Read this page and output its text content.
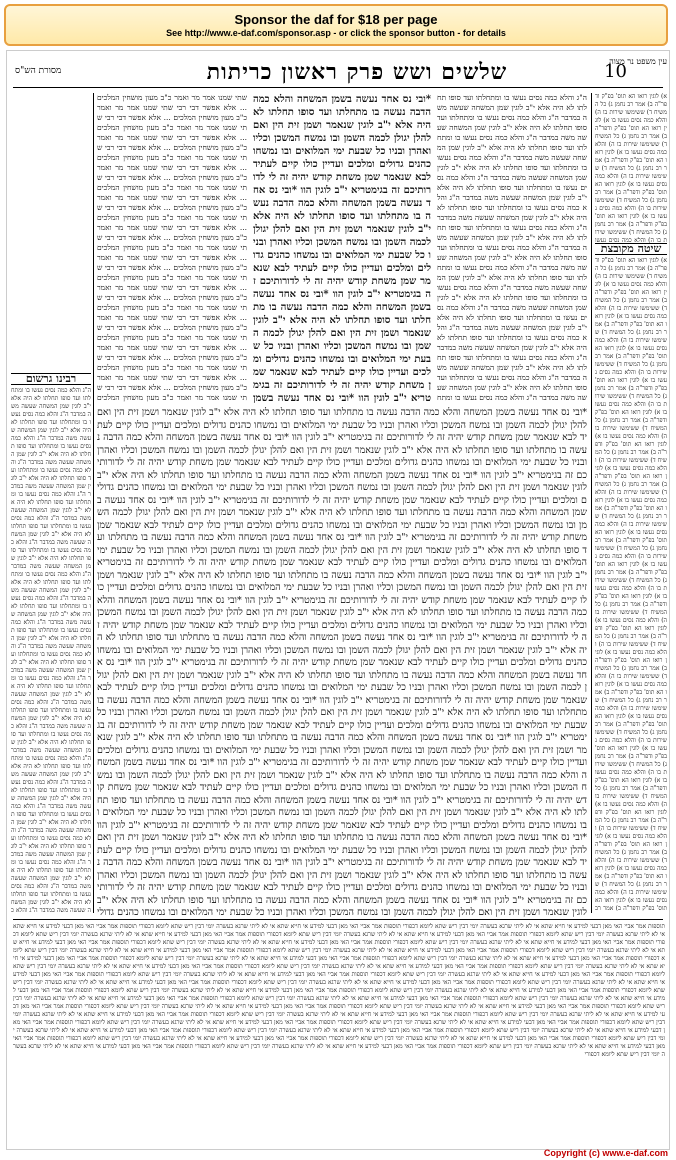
Sponsor the daf for $18 per page
See http://www.e-daf.com/sponsor.asp - or click the sponsor button - for details
מסורת הש"ס	שלשים ושש פרק ראשון כריתות	10
עין משפט נר מצוה
רבינו גרשום
ה"ג והלא כמה נסים נעשו בו ומתחלתו ועד סופו תחלתו לא היה אלא י"ב לוגין שמן המשחה שעשה משה במדבר ה"ג והלא כמה נסים נעשו בו ומתחלתו ועד סופו תחלתו לא היה אלא י"ב לוגין שמן המשחה שעשה משה במדבר ה"ג והלא כמה נסים נעשו בו ומתחלתו ועד סופו תחלתו לא היה אלא י"ב לוגין שמן המשחה שעשה משה במדבר ה"ג והלא כמה נסים נעשו בו ומתחלתו ועד סופו תחלתו לא היה אלא י"ב לוגין שמן המשחה שעשה משה במדבר ה"ג והלא כמה נסים נעשו בו ומתחלתו ועד סופו תחלתו לא היה אלא י"ב לוגין שמן המשחה שעשה משה במדבר ה"ג והלא כמה נסים נעשו בו ומתחלתו ועד סופו תחלתו לא היה אלא י"ב לוגין שמן המשחה שעשה משה במדבר ה"ג והלא כמה נסים נעשו בו ומתחלתו ועד סופו תחלתו לא היה אלא י"ב לוגין שמן המשחה שעשה משה במדבר ה"ג והלא כמה נסים נעשו בו ומתחלתו ועד סופו תחלתו לא היה אלא י"ב לוגין שמן המשחה שעשה משה במדבר ה"ג והלא כמה נסים נעשו בו ומתחלתו ועד סופו תחלתו לא היה אלא י"ב לוגין שמן המשחה שעשה משה במדבר ה"ג והלא כמה נסים נעשו בו ומתחלתו ועד סופו תחלתו לא היה אלא י"ב לוגין שמן המשחה שעשה משה במדבר ה"ג והלא כמה נסים נעשו בו ומתחלתו ועד סופו תחלתו לא היה אלא י"ב לוגין שמן המשחה שעשה משה במדבר ה"ג והלא כמה נסים נעשו בו ומתחלתו ועד סופו תחלתו לא היה אלא י"ב לוגין שמן המשחה שעשה משה במדבר ה"ג והלא כמה נסים נעשו בו ומתחלתו ועד סופו תחלתו לא היה אלא י"ב לוגין שמן המשחה שעשה משה במדבר ה"ג והלא כמה נסים נעשו בו ומתחלתו ועד סופו תחלתו לא היה אלא י"ב לוגין שמן המשחה שעשה משה במדבר ה"ג והלא כמה נסים נעשו בו ומתחלתו ועד סופו תחלתו לא היה אלא י"ב לוגין שמן המשחה שעשה משה במדבר ה"ג והלא כמה נסים נעשו בו ומתחלתו ועד סופו תחלתו לא היה אלא י"ב לוגין שמן המשחה שעשה משה במדבר ה"ג והלא כמה נסים נעשו בו ומתחלתו ועד סופו תחלתו לא היה אלא י"ב לוגין שמן המשחה שעשה משה במדבר ה"ג והלא כמה נסים נעשו בו ומתחלתו ועד סופו תחלתו לא היה אלא י"ב לוגין שמן המשחה שעשה משה במדבר ה"ג והלא כמה נסים נעשו בו ומתחלתו ועד סופו תחלתו לא היה אלא י"ב לוגין שמן המשחה שעשה משה במדבר ה"ג והלא כמה נסים נעשו בו ומתחלתו ועד סופו תחלתו לא היה אלא י"ב לוגין שמן המשחה שעשה משה במדבר ה"ג והלא כ
שתי שמנו אמר מר ואמר כ"ב מעון מושחין המלכים ... אלא אפשר דבי רבי שתי שמנו אמר מר ואמר כ"ב מעון מושחין המלכים ... אלא אפשר דבי רבי שתי שמנו אמר מר ואמר כ"ב מעון מושחין המלכים ... אלא אפשר דבי רבי שתי שמנו אמר מר ואמר כ"ב מעון מושחין המלכים ... אלא אפשר דבי רבי שתי שמנו אמר מר ואמר כ"ב מעון מושחין המלכים ... אלא אפשר דבי רבי שתי שמנו אמר מר ואמר כ"ב מעון מושחין המלכים ... אלא אפשר דבי רבי שתי שמנו אמר מר ואמר כ"ב מעון מושחין המלכים ... אלא אפשר דבי רבי שתי שמנו אמר מר ואמר כ"ב מעון מושחין המלכים ... אלא אפשר דבי רבי שתי שמנו אמר מר ואמר כ"ב מעון מושחין המלכים ... אלא אפשר דבי רבי שתי שמנו אמר מר ואמר כ"ב מעון מושחין המלכים ... אלא אפשר דבי רבי שתי שמנו אמר מר ואמר כ"ב מעון מושחין המלכים ... אלא אפשר דבי רבי שתי שמנו אמר מר ואמר כ"ב מעון מושחין המלכים ... אלא אפשר דבי רבי שתי שמנו אמר מר ואמר כ"ב מעון מושחין המלכים ... אלא אפשר דבי רבי שתי שמנו אמר מר ואמר כ"ב מעון מושחין המלכים ... אלא אפשר דבי רבי שתי שמנו אמר מר ואמר כ"ב מעון מושחין המלכים ... אלא אפשר דבי רבי שתי שמנו אמר מר ואמר כ"ב מעון מושחין המלכים ... אלא אפשר דבי רבי שתי שמנו אמר מר ואמר כ"ב מעון מושחין המלכים ... אלא אפשר דבי רבי שתי שמנו אמר מר ואמר כ"ב מעון מושחין המלכים ... אלא אפשר דבי רבי שתי שמנו אמר מר ואמר כ"ב מעון מושחין המלכים ... אלא אפשר דבי רבי שתי שמנו אמר מר ואמר כ"ב מעון מושחין המלכים ... אלא אפשר דבי רבי שתי שמנו אמר מר ואמר כ"ב מעון מושחין המלכים
*ובי נס אחד נעשה בשמן המשחה והלא כמה הדבה נעשה בו מתחלתו ועד סופו תחלתו לא היה אלא י"ב לוגין שנאמר ושמן זית הין ואם להלן יגולן לכמה השמן ובו נמשח המשכן וכליו ואהרן ובניו כל שבעת ימי המלואים ובו נמשחו כהנים גדולים ומלכים ועדיין כולו קיים לעתיד לבא שנאמר שמן משחת קודש יהיה זה לי לדורותיכם זה בגימטריא י"ב לוגין הוו *ובי נס אחד נעשה בשמן המשחה והלא כמה הדבה נעשה בו מתחלתו ועד סופו תחלתו לא היה אלא י"ב לוגין שנאמר ושמן זית הין ואם להלן יגולן לכמה השמן ובו נמשח המשכן וכליו ואהרן ובניו כל שבעת ימי המלואים ובו נמשחו כהנים גדולים ומלכים ועדיין כולו קיים לעתיד לבא שנאמר שמן משחת קודש יהיה זה לי לדורותיכם זה בגימטריא י"ב לוגין הוו *ובי נס אחד נעשה בשמן המשחה והלא כמה הדבה נעשה בו מתחלתו ועד סופו תחלתו לא היה אלא י"ב לוגין שנאמר ושמן זית הין ואם להלן יגולן לכמה השמן ובו נמשח המשכן וכליו ואהרן ובניו כל שבעת ימי המלואים ובו נמשחו כהנים גדולים ומלכים ועדיין כולו קיים לעתיד לבא שנאמר שמן משחת קודש יהיה זה לי לדורותיכם זה בגימטריא י"ב לוגין הוו *ובי נס אחד נעשה בשמן
ה"ג והלא כמה נסים נעשו בו ומתחלתו ועד סופו תחלתו לא היה אלא י"ב לוגין שמן המשחה שעשה משה במדבר ה"ג והלא כמה נסים נעשו בו ומתחלתו ועד סופו תחלתו לא היה אלא י"ב לוגין שמן המשחה שעשה משה במדבר ה"ג והלא כמה נסים נעשו בו ומתחלתו ועד סופו תחלתו לא היה אלא י"ב לוגין שמן המשחה שעשה משה במדבר ה"ג והלא כמה נסים נעשו בו ומתחלתו ועד סופו תחלתו לא היה אלא י"ב לוגין שמן המשחה שעשה משה במדבר ה"ג והלא כמה נסים נעשו בו ומתחלתו ועד סופו תחלתו לא היה אלא י"ב לוגין שמן המשחה שעשה משה במדבר ה"ג והלא כמה נסים נעשו בו ומתחלתו ועד סופו תחלתו לא היה אלא י"ב לוגין שמן המשחה שעשה משה במדבר ה"ג והלא כמה נסים נעשו בו ומתחלתו ועד סופו תחלתו לא היה אלא י"ב לוגין שמן המשחה שעשה משה במדבר ה"ג והלא כמה נסים נעשו בו ומתחלתו ועד סופו תחלתו לא היה אלא י"ב לוגין שמן המשחה שעשה משה במדבר ה"ג והלא כמה נסים נעשו בו ומתחלתו ועד סופו תחלתו לא היה אלא י"ב לוגין שמן המשחה שעשה משה במדבר ה"ג והלא כמה נסים נעשו בו ומתחלתו ועד סופו תחלתו לא היה אלא י"ב לוגין שמן המשחה שעשה משה במדבר ה"ג והלא כמה נסים נעשו בו ומתחלתו ועד סופו תחלתו לא היה אלא י"ב לוגין שמן המשחה שעשה משה במדבר ה"ג והלא כמה נסים נעשו בו ומתחלתו ועד סופו תחלתו לא היה אלא י"ב לוגין שמן המשחה שעשה משה במדבר ה"ג והלא כמה נסים נעשו בו ומתחלתו ועד סופו תחלתו לא היה אלא י"ב לוגין שמן המשחה שעשה משה במדבר ה"ג והלא כמה נסים נעשו בו ומתחלתו ועד סופו תחלתו לא היה אלא י"ב לוגין שמן המשחה שעשה משה במדבר ה"ג והלא כמה נסים נעשו בו ומתח
א) לוגין רואו הא תוס' בפ"ק ודפר"ה ב) אמר רב נחמן ג) כל המשיח ד) ששימשו שירות בו ה) והלא כמה נסים נעשו בו א) לוגין רואו הא תוס' בפ"ק ודפר"ה ב) אמר רב נחמן ג) כל המשיח ד) ששימשו שירות בו ה) והלא כמה נסים נעשו בו א) לוגין רואו הא תוס' בפ"ק ודפר"ה ב) אמר רב נחמן ג) כל המשיח ד) ששימשו שירות בו ה) והלא כמה נסים נעשו בו א) לוגין רואו הא תוס' בפ"ק ודפר"ה ב) אמר רב נחמן ג) כל המשיח ד) ששימשו שירות בו ה) והלא כמה נסים נעשו בו א) לוגין רואו הא תוס' בפ"ק ודפר"ה ב) אמר רב נחמן ג) כל המשיח ד) ששימשו שירות בו ה) והלא כמה נסים נעשו
שיטה מקובצת
א) לוגין רואו הא תוס' בפ"ק ודפר"ה ב) אמר רב נחמן ג) כל המשיח ד) ששימשו שירות בו ה) והלא כמה נסים נעשו בו א) לוגין רואו הא תוס' בפ"ק ודפר"ה ב) אמר רב נחמן ג) כל המשיח ד) ששימשו שירות בו ה) והלא כמה נסים נעשו בו א) לוגין רואו הא תוס' בפ"ק ודפר"ה ב) אמר רב נחמן ג) כל המשיח ד) ששימשו שירות בו ה) והלא כמה נסים נעשו בו א) לוגין רואו הא תוס' בפ"ק ודפר"ה ב) אמר רב נחמן ג) כל המשיח ד) ששימשו שירות בו ה) והלא כמה נסים נעשו בו א) לוגין רואו הא תוס' בפ"ק ודפר"ה ב) אמר רב נחמן ג) כל המשיח ד) ששימשו שירות בו ה) והלא כמה נסים נעשו בו א) לוגין רואו הא תוס' בפ"ק ודפר"ה ב) אמר רב נחמן ג) כל המשיח ד) ששימשו שירות בו ה) והלא כמה נסים נעשו בו א) לוגין רואו הא תוס' בפ"ק ודפר"ה ב) אמר רב נחמן ג) כל המשיח ד) ששימשו שירות בו ה) והלא כמה נסים נעשו בו א) לוגין רואו הא תוס' בפ"ק ודפר"ה ב) אמר רב נחמן ג) כל המשיח ד) ששימשו שירות בו ה) והלא כמה נסים נעשו בו א) לוגין רואו הא תוס' בפ"ק ודפר"ה ב) אמר רב נחמן ג) כל המשיח ד) ששימשו שירות בו ה) והלא כמה נסים נעשו בו א) לוגין רואו הא תוס' בפ"ק ודפר"ה ב) אמר רב נחמן ג) כל המשיח ד) ששימשו שירות בו ה) והלא כמה נסים נעשו בו א) לוגין רואו הא תוס' בפ"ק ודפר"ה ב) אמר רב נחמן ג) כל המשיח ד) ששימשו שירות בו ה) והלא כמה נסים נעשו בו א) לוגין רואו הא תוס' בפ"ק ודפר"ה ב) אמר רב נחמן ג) כל המשיח ד) ששימשו שירות בו ה) והלא כמה נסים נעשו בו א) לוגין רואו הא תוס' בפ"ק ודפר"ה ב) אמר רב נחמן ג) כל המשיח ד) ששימשו שירות בו ה) והלא כמה נסים נעשו בו א) לוגין רואו הא תוס' בפ"ק ודפר"ה ב) אמר רב נחמן ג) כל המשיח ד) ששימשו שירות בו ה) והלא כמה נסים נעשו בו א) לוגין רואו הא תוס' בפ"ק ודפר"ה ב) אמר רב נחמן ג) כל המשיח ד) ששימשו שירות בו ה) והלא כמה נסים נעשו בו א) לוגין רואו הא תוס' בפ"ק ודפר"ה ב) אמר רב נחמן ג) כל המשיח ד) ששימשו שירות בו ה) והלא כמה נסים נעשו בו א) לוגין רואו הא תוס' בפ"ק ודפר"ה ב) אמר רב נחמן ג) כל המשיח ד) ששימשו שירות בו ה) והלא כמה נסים נעשו בו א) לוגין רואו הא תוס' בפ"ק ודפר"ה ב) אמר רב נחמן ג) כל המשיח ד) ששימשו שירות בו ה) והלא כמה נסים נעשו בו א) לוגין רואו הא תוס' בפ"ק ודפר"ה ב) אמר רב נחמן ג) כל המשיח ד) ששימשו שירות בו ה) והלא כמה נסים נעשו בו א) לוגין רואו הא תוס' בפ"ק ודפר"ה ב) אמר רב נחמן ג) כל המשיח ד) ששימשו שירות בו ה) והלא כמה נסים נעשו בו א) לוגין רואו הא תוס' בפ"ק ודפר"ה ב) אמר רב נחמן ג) כל המשיח ד) ששימשו שירות בו ה) והלא כמה נסים נעשו בו א) לוגין רואו הא תוס' בפ"ק ודפר"ה ב) אמר רב
*ובי נס אחד נעשה בשמן המשחה והלא כמה הדבה נעשה בו מתחלתו ועד סופו תחלתו לא היה אלא י"ב לוגין שנאמר ושמן זית הין ואם להלן יגולן לכמה השמן ובו נמשח המשכן וכליו ואהרן ובניו כל שבעת ימי המלואים ובו נמשחו כהנים גדולים ומלכים ועדיין כולו קיים לעתיד לבא שנאמר שמן משחת קודש יהיה זה לי לדורותיכם זה בגימטריא י"ב לוגין הוו *ובי נס אחד נעשה בשמן המשחה והלא כמה הדבה נעשה בו מתחלתו ועד סופו תחלתו לא היה אלא י"ב לוגין שנאמר ושמן זית הין ואם להלן יגולן לכמה השמן ובו נמשח המשכן וכליו ואהרן ובניו כל שבעת ימי המלואים ובו נמשחו כהנים גדולים ומלכים ועדיין כולו קיים לעתיד לבא שנאמר שמן משחת קודש יהיה זה לי לדורותיכם זה בגימטריא י"ב לוגין הוו *ובי נס אחד נעשה בשמן המשחה והלא כמה הדבה נעשה בו מתחלתו ועד סופו תחלתו לא היה אלא י"ב לוגין שנאמר ושמן זית הין ואם להלן יגולן לכמה השמן ובו נמשח המשכן וכליו ואהרן ובניו כל שבעת ימי המלואים ובו נמשחו כהנים גדולים ומלכים ועדיין כולו קיים לעתיד לבא שנאמר שמן משחת קודש יהיה זה לי לדורותיכם זה בגימטריא י"ב לוגין הוו *ובי נס אחד נעשה בשמן המשחה והלא כמה הדבה נעשה בו מתחלתו ועד סופו תחלתו לא היה אלא י"ב לוגין שנאמר ושמן זית הין ואם להלן יגולן לכמה השמן ובו נמשח המשכן וכליו ואהרן ובניו כל שבעת ימי המלואים ובו נמשחו כהנים גדולים ומלכים ועדיין כולו קיים לעתיד לבא שנאמר שמן משחת קודש יהיה זה לי לדורותיכם זה בגימטריא י"ב לוגין הוו *ובי נס אחד נעשה בשמן המשחה והלא כמה הדבה נעשה בו מתחלתו ועד סופו תחלתו לא היה אלא י"ב לוגין שנאמר ושמן זית הין ואם להלן יגולן לכמה השמן ובו נמשח המשכן וכליו ואהרן ובניו כל שבעת ימי המלואים ובו נמשחו כהנים גדולים ומלכים ועדיין כולו קיים לעתיד לבא שנאמר שמן משחת קודש יהיה זה לי לדורותיכם זה בגימטריא י"ב לוגין הוו *ובי נס אחד נעשה בשמן המשחה והלא כמה הדבה נעשה בו מתחלתו ועד סופו תחלתו לא היה אלא י"ב לוגין שנאמר ושמן זית הין ואם להלן יגולן לכמה השמן ובו נמשח המשכן וכליו ואהרן ובניו כל שבעת ימי המלואים ובו נמשחו כהנים גדולים ומלכים ועדיין כולו קיים לעתיד לבא שנאמר שמן משחת קודש יהיה זה לי לדורותיכם זה בגימטריא י"ב לוגין הוו *ובי נס אחד נעשה בשמן המשחה והלא כמה הדבה נעשה בו מתחלתו ועד סופו תחלתו לא היה אלא י"ב לוגין שנאמר ושמן זית הין ואם להלן יגולן לכמה השמן ובו נמשח המשכן וכליו ואהרן ובניו כל שבעת ימי המלואים ובו נמשחו כהנים גדולים ומלכים ועדיין כולו קיים לעתיד לבא שנאמר שמן משחת קודש יהיה זה לי לדורותיכם זה בגימטריא י"ב לוגין הוו *ובי נס אחד נעשה בשמן המשחה והלא כמה הדבה נעשה בו מתחלתו ועד סופו תחלתו לא היה אלא י"ב לוגין שנאמר ושמן זית הין ואם להלן יגולן לכמה השמן ובו נמשח המשכן וכליו ואהרן ובניו כל שבעת ימי המלואים ובו נמשחו כהנים גדולים ומלכים ועדיין כולו קיים לעתיד לבא שנאמר שמן משחת קודש יהיה זה לי לדורותיכם זה בגימטריא י"ב לוגין הוו *ובי נס אחד נעשה בשמן המשחה והלא כמה הדבה נעשה בו מתחלתו ועד סופו תחלתו לא היה אלא י"ב לוגין שנאמר ושמן זית הין ואם להלן יגולן לכמה השמן ובו נמשח המשכן וכליו ואהרן ובניו כל שבעת ימי המלואים ובו נמשחו כהנים גדולים ומלכים ועדיין כולו קיים לעתיד לבא שנאמר שמן משחת קודש יהיה זה לי לדורותיכם זה בגימטריא י"ב לוגין הוו *ובי נס אחד נעשה בשמן המשחה והלא כמה הדבה נעשה בו מתחלתו ועד סופו תחלתו לא היה אלא י"ב לוגין שנאמר ושמן זית הין ואם להלן יגולן לכמה השמן ובו נמשח המשכן וכליו ואהרן ובניו כל שבעת ימי המלואים ובו נמשחו כהנים גדולים ומלכים ועדיין כולו קיים לעתיד לבא שנאמר שמן משחת קודש יהיה זה לי לדורותיכם זה בגימטריא י"ב לוגין הוו *ובי נס אחד נעשה בשמן המשחה והלא כמה הדבה נעשה בו מתחלתו ועד סופו תחלתו לא היה אלא י"ב לוגין שנאמר ושמן זית הין ואם להלן יגולן לכמה השמן ובו נמשח המשכן וכליו ואהרן ובניו כל שבעת ימי המלואים ובו נמשחו כהנים גדולים ומלכים ועדיין כולו קיים לעתיד לבא שנאמר שמן משחת קודש יהיה זה לי לדורותיכם זה בגימטריא י"ב לוגין הוו *ובי נס אחד נעשה בשמן המשחה והלא כמה הדבה נעשה בו מתחלתו ועד סופו תחלתו לא היה אלא י"ב לוגין שנאמר ושמן זית הין ואם להלן יגולן לכמה השמן ובו נמשח המשכן וכליו ואהרן ובניו כל שבעת ימי המלואים ובו נמשחו כהנים גדולים ומלכים ועדיין כולו קיים לעתיד לבא שנאמר שמן משחת קודש יהיה זה לי לדורותיכם זה בגימטריא י"ב לוגין הוו *ובי נס אחד נעשה בשמן המשחה והלא כמה הדבה נעשה בו מתחלתו ועד סופו תחלתו לא היה אלא י"ב לוגין שנאמר ושמן זית הין ואם להלן יגולן לכמה השמן ובו נמשח המשכן וכליו ואהרן ובניו כל שבעת ימי המלואים ובו נמשחו כהנים גדולים ומלכים ועדיין כולו קיים לעתיד לבא שנאמר שמן משחת קודש יהיה זה לי לדורותיכם זה בגימטריא י"ב לוגין הוו *ובי נס אחד נעשה בשמן המשחה והלא כמה הדבה נעשה בו מתחלתו ועד סופו תחלתו לא היה אלא י"ב לוגין שנאמר ושמן זית הין ואם להלן יגולן לכמה השמן ובו נמשח המשכן וכליו ואהרן ובניו כל שבעת ימי המלואים ובו נמשחו כהנים גדולים ומלכים ועדיין כולו קיים לעתיד לבא שנאמר שמן משחת קודש יהיה זה לי לדורותיכם זה בגימטריא י"ב לוגין הוו *ובי נס אחד נעשה בשמן המשחה והלא כמה הדבה נעשה בו מתחלתו ועד סופו תחלתו לא היה אלא י"ב לוגין שנאמר ושמן זית הין ואם להלן יגולן לכמה השמן ובו נמשח המשכן וכליו ואהרן ובניו כל שבעת ימי המלואים ובו נמשחו כהנים גדולים ומלכים ועדיין כולו קיים לעתיד לבא שנאמר שמן משחת קודש יהיה זה לי לדורותיכם זה בגימטריא י"ב לוגין הוו *ובי נס אחד נעשה בשמן המשחה והלא כמה הדבה נעשה בו מתחלתו ועד סופו תחלתו לא היה אלא י"ב לוגין שנאמר ושמן זית הין ואם להלן יגולן לכמה השמן ובו נמשח המשכן וכליו ואהרן ובניו כל שבעת ימי המלואים ובו נמשחו כהנים גדולי
תוספות אמר אביי האי מאן דבעי למידע אי חייא שתא אי לא ליתי שרגא בעשרה יומי דבין ריש שתא ליומא דכפורי תוספות אמר אביי האי מאן דבעי למידע אי חייא שתא אי לא ליתי שרגא בעשרה יומי דבין ריש שתא ליומא דכפורי תוספות אמר אביי האי מאן דבעי למידע אי חייא שתא אי לא ליתי שרגא בעשרה יומי דבין ריש שתא ליומא דכפורי תוספות אמר אביי האי מאן דבעי למידע אי חייא שתא אי לא ליתי שרגא בעשרה יומי דבין ריש שתא ליומא דכפורי תוספות אמר אביי האי מאן דבעי למידע אי חייא שתא אי לא ליתי שרגא בעשרה יומי דבין ריש שתא ליומא דכפורי תוספות אמר אביי האי מאן דבעי למידע אי חייא שתא אי לא ליתי שרגא בעשרה יומי דבין ריש שתא ליומא דכפורי תוספות אמר אביי האי מאן דבעי למידע אי חייא שתא אי לא ליתי שרגא בעשרה יומי דבין ריש שתא ליומא דכפורי תוספות אמר אביי האי מאן דבעי למידע אי חייא שתא אי לא ליתי שרגא בעשרה יומי דבין ריש שתא ליומא דכפורי תוספות אמר אביי האי מאן דבעי למידע אי חייא שתא אי לא ליתי שרגא בעשרה יומי דבין ריש שתא ליומא דכפורי תוספות אמר אביי האי מאן דבעי למידע אי חייא שתא אי לא ליתי שרגא בעשרה יומי דבין ריש שתא ליומא דכפורי תוספות אמר אביי האי מאן דבעי למידע אי חייא שתא אי לא ליתי שרגא בעשרה יומי דבין ריש שתא ליומא דכפורי תוספות אמר אביי האי מאן דבעי למידע אי חייא שתא אי לא ליתי שרגא בעשרה יומי דבין ריש שתא ליומא דכפורי תוספות אמר אביי האי מאן דבעי למידע אי חייא שתא אי לא ליתי שרגא בעשרה יומי דבין ריש שתא ליומא דכפורי תוספות אמר אביי האי מאן דבעי למידע אי חייא שתא אי לא ליתי שרגא בעשרה יומי דבין ריש שתא ליומא דכפורי תוספות אמר אביי האי מאן דבעי למידע אי חייא שתא אי לא ליתי שרגא בעשרה יומי דבין ריש שתא ליומא דכפורי תוספות אמר אביי האי מאן דבעי למידע אי חייא שתא אי לא ליתי שרגא בעשרה יומי דבין ריש שתא ליומא דכפורי תוספות אמר אביי האי מאן דבעי למידע אי חייא שתא אי לא ליתי שרגא בעשרה יומי דבין ריש שתא ליומא דכפורי תוספות אמר אביי האי מאן דבעי למידע אי חייא שתא אי לא ליתי שרגא בעשרה יומי דבין ריש שתא ליומא דכפורי תוספות אמר אביי האי מאן דבעי למידע אי חייא שתא אי לא ליתי שרגא בעשרה יומי דבין ריש שתא ליומא דכפורי תוספות אמר אביי האי מאן דבעי למידע אי חייא שתא אי לא ליתי שרגא בעשרה יומי דבין ריש שתא ליומא דכפורי תוספות אמר אביי האי מאן דבעי למידע אי חייא שתא אי לא ליתי שרגא בעשרה יומי דבין ריש שתא ליומא דכפורי תוספות אמר אביי האי מאן דבעי למידע אי חייא שתא אי לא ליתי שרגא בעשרה יומי דבין ריש שתא ליומא דכפורי תוספות אמר אביי האי מאן דבעי למידע אי חייא שתא אי לא ליתי שרגא בעשרה יומי דבין ריש שתא ליומא דכפורי תוספות אמר אביי האי מאן דבעי למידע אי חייא שתא אי לא ליתי שרגא בעשרה יומי דבין ריש שתא ליומא דכפורי תוספות אמר אביי האי מאן דבעי למידע אי חייא שתא אי לא ליתי שרגא בעשרה יומי דבין ריש שתא ליומא דכפורי תוספות אמר אביי האי מאן דבעי למידע אי חייא שתא אי לא ליתי שרגא בעשרה יומי דבין ריש שתא ליומא דכפורי תוספות אמר אביי האי מאן דבעי למידע אי חייא שתא אי לא ליתי שרגא בעשרה יומי דבין ריש שתא ליומא דכפורי תוספות אמר אביי האי מאן דבעי למידע אי חייא שתא אי לא ליתי שרגא בעשרה יומי דבין ריש שתא ליומא דכפורי תוספות אמר אביי האי מאן דבעי למידע אי חייא שתא אי לא ליתי שרגא בעשרה יומי דבין ריש שתא ליומא דכפורי תוספות אמר אביי האי מאן דבעי למידע אי חייא שתא אי לא ליתי שרגא בעשרה יומי דבין ריש שתא ליומא דכפורי תוספות אמר אביי האי מאן דבעי למידע אי חייא שתא אי לא ליתי שרגא בעשרה יומי דבין ריש שתא ליומא דכפורי תוספות אמר אביי האי מאן דבעי למידע אי חייא שתא אי לא ליתי שרגא בעשרה יומי דבין ריש שתא ליומא דכפורי תוספות אמר אביי האי מאן דבעי למידע אי חייא שתא אי לא ליתי שרגא בעשרה יומי דבין ריש שתא ליומא דכפורי תוספות אמר אביי האי מאן דבעי למידע אי חייא שתא אי לא ליתי שרגא בעשרה יומי דבין ריש שתא ליומא דכפורי תוספות אמר אביי האי מאן דבעי למידע אי חייא שתא אי לא ליתי שרגא בעשרה יומי דבין ריש שתא ליומא דכפורי תוספות אמר אביי האי מאן דבעי למידע אי חייא שתא אי לא ליתי שרגא בעשרה יומי דבין ריש שתא ליומא דכפורי תוספות אמר אביי האי מאן דבעי למידע אי חייא שתא אי לא ליתי שרגא בעשרה יומי דבין ריש שתא ליומא דכפורי תוספות אמר אביי האי מאן דבעי למידע אי חייא שתא אי לא ליתי שרגא בעשרה יומי דבין ריש שתא ליומא דכפורי תוספות אמר אביי האי מאן דבעי למידע אי חייא שתא אי לא ליתי שרגא בעשרה יומי דבין ריש שתא ליומא דכפורי תוספות אמר אביי האי מאן דבעי למידע אי חייא שתא אי לא ליתי שרגא בעשרה יומי דבין ריש שתא ליומא דכפורי
Copyright (c) www.e-daf.com
